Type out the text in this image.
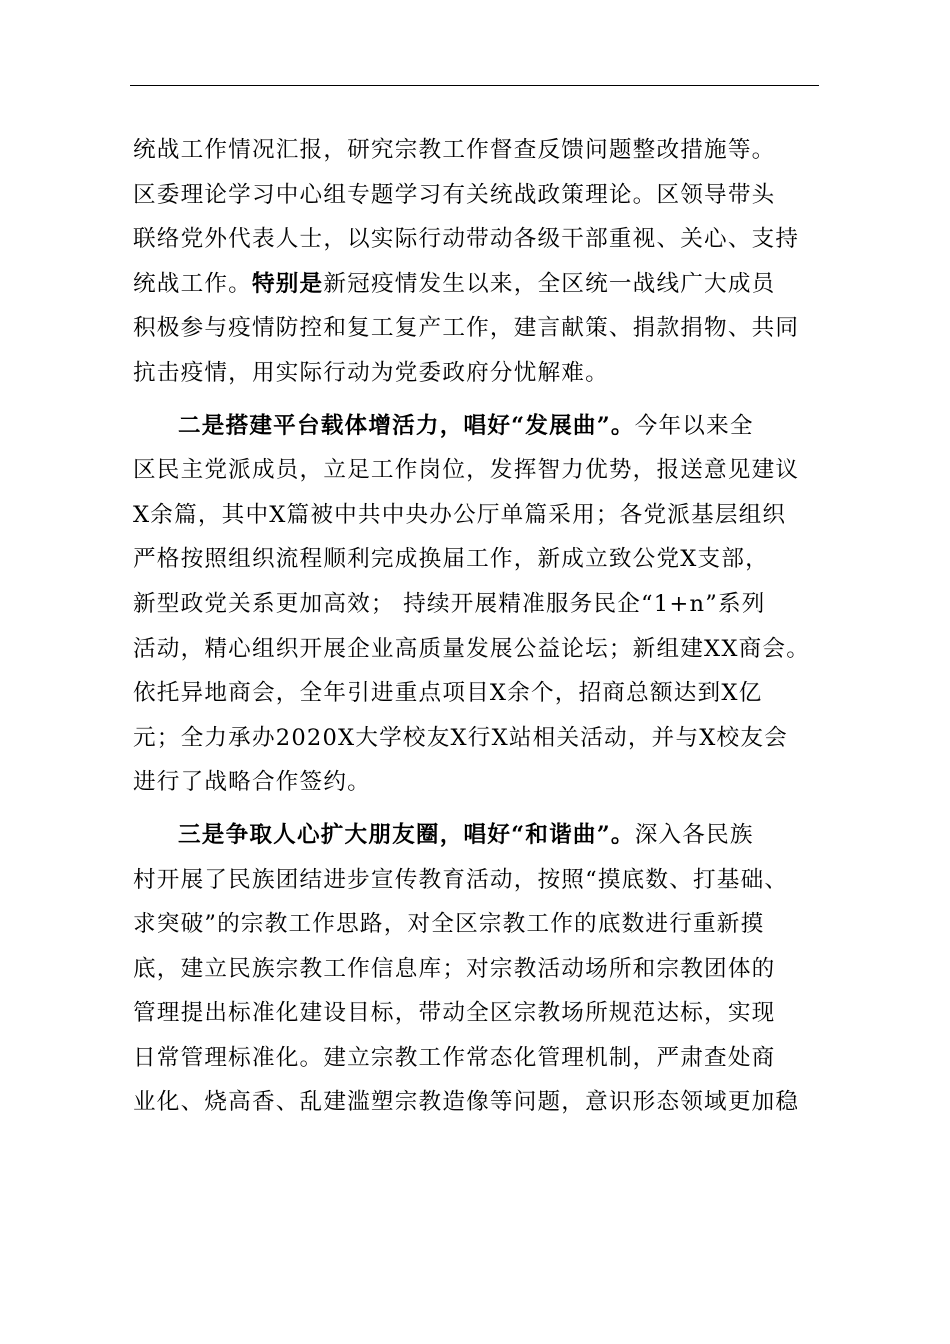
统战工作情况汇报，研究宗教工作督查反馈问题整改措施等。
区委理论学习中心组专题学习有关统战政策理论。区领导带头
联络党外代表人士，以实际行动带动各级干部重视、关心、支持
统战工作。特别是新冠疫情发生以来，全区统一战线广大成员
积极参与疫情防控和复工复产工作，建言献策、捐款捐物、共同
抗击疫情，用实际行动为党委政府分忧解难。
二是搭建平台载体增活力，唱好“发展曲”。今年以来全
区民主党派成员，立足工作岗位，发挥智力优势，报送意见建议
X余篇，其中X篇被中共中央办公厅单篇采用；各党派基层组织
严格按照组织流程顺利完成换届工作，新成立致公党X支部，
新型政党关系更加高效； 持续开展精准服务民企“1+n”系列
活动，精心组织开展企业高质量发展公益论坛；新组建XX商会。
依托异地商会，全年引进重点项目X余个，招商总额达到X亿
元；全力承办2020X大学校友X行X站相关活动，并与X校友会
进行了战略合作签约。
三是争取人心扩大朋友圈，唱好“和谐曲”。深入各民族
村开展了民族团结进步宣传教育活动，按照“摸底数、打基础、
求突破”的宗教工作思路，对全区宗教工作的底数进行重新摸
底，建立民族宗教工作信息库；对宗教活动场所和宗教团体的
管理提出标准化建设目标，带动全区宗教场所规范达标，实现
日常管理标准化。建立宗教工作常态化管理机制，严肃查处商
业化、烧高香、乱建滥塑宗教造像等问题，意识形态领域更加稳
